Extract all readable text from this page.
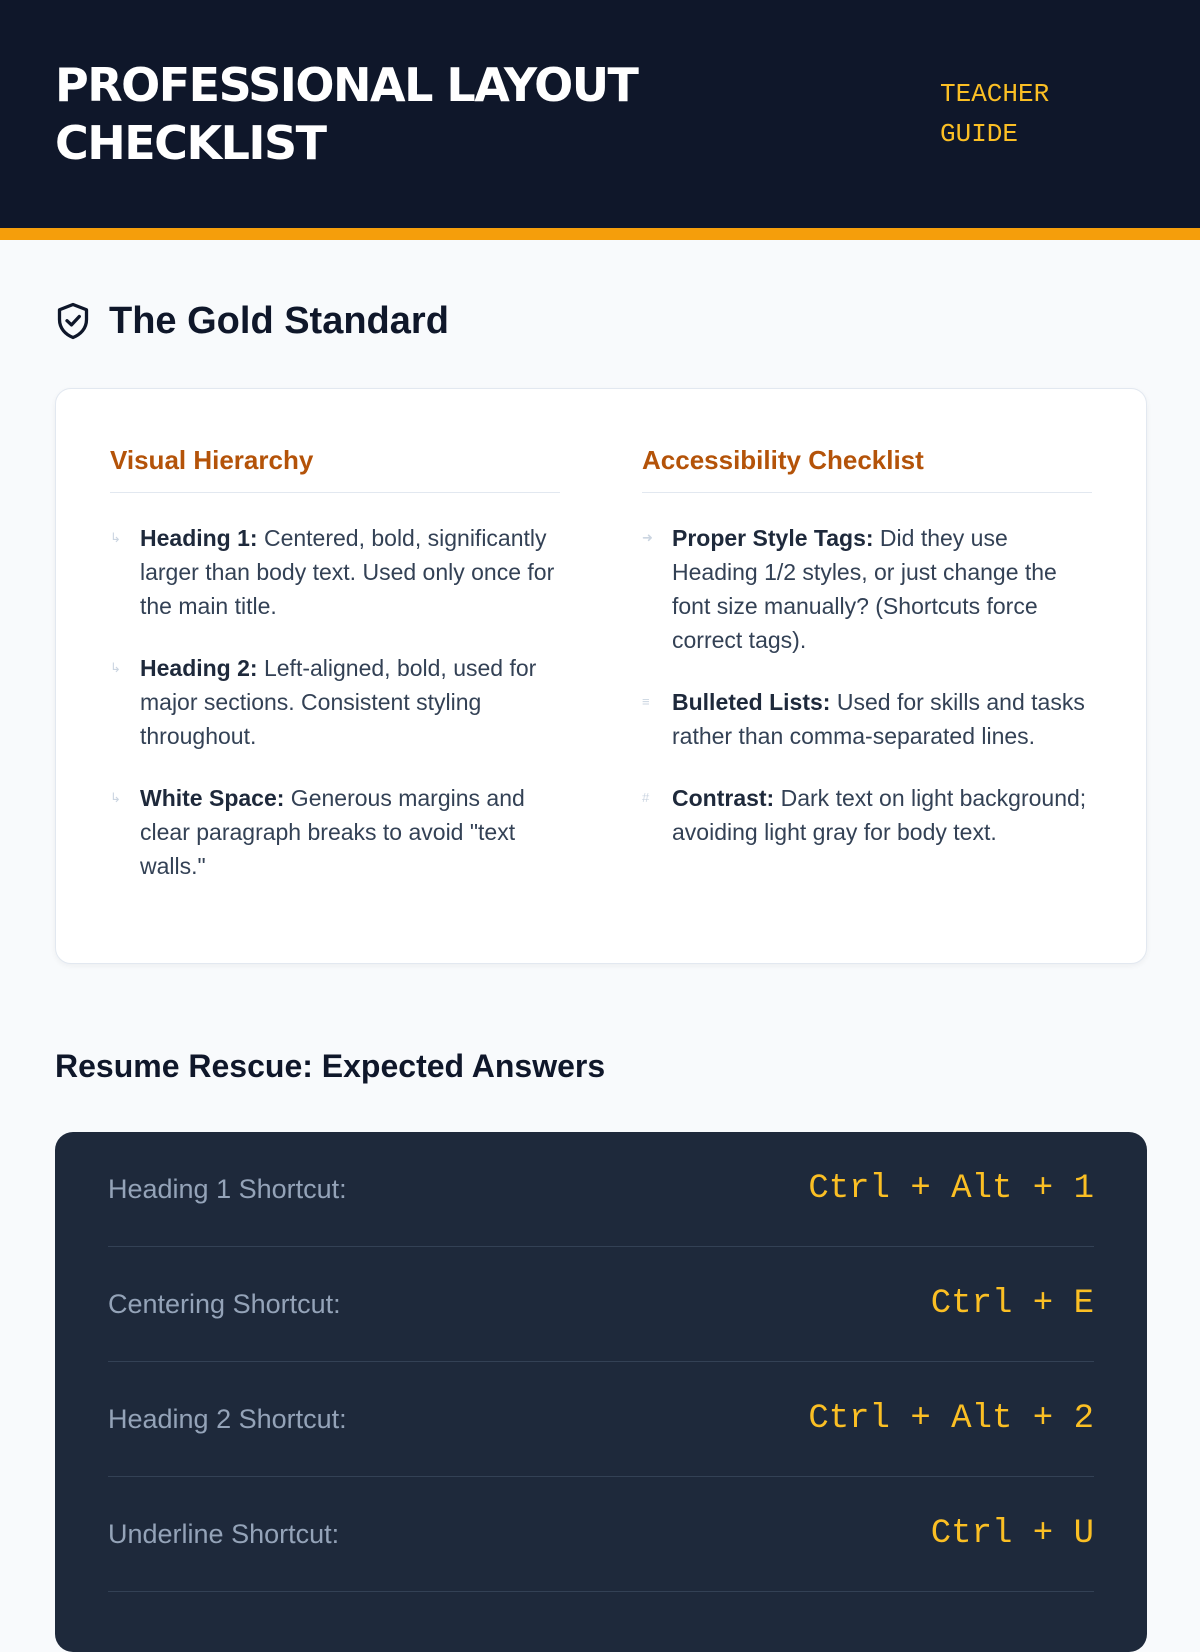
PROFESSIONAL LAYOUT CHECKLIST
TEACHER GUIDE
The Gold Standard
Visual Hierarchy
↳ Heading 1: Centered, bold, significantly larger than body text. Used only once for the main title.
↳ Heading 2: Left-aligned, bold, used for major sections. Consistent styling throughout.
↳ White Space: Generous margins and clear paragraph breaks to avoid "text walls."
Accessibility Checklist
➜ Proper Style Tags: Did they use Heading 1/2 styles, or just change the font size manually? (Shortcuts force correct tags).
≡ Bulleted Lists: Used for skills and tasks rather than comma-separated lines.
# Contrast: Dark text on light background; avoiding light gray for body text.
Resume Rescue: Expected Answers
Heading 1 Shortcut:	Ctrl + Alt + 1
Centering Shortcut:	Ctrl + E
Heading 2 Shortcut:	Ctrl + Alt + 2
Underline Shortcut:	Ctrl + U
